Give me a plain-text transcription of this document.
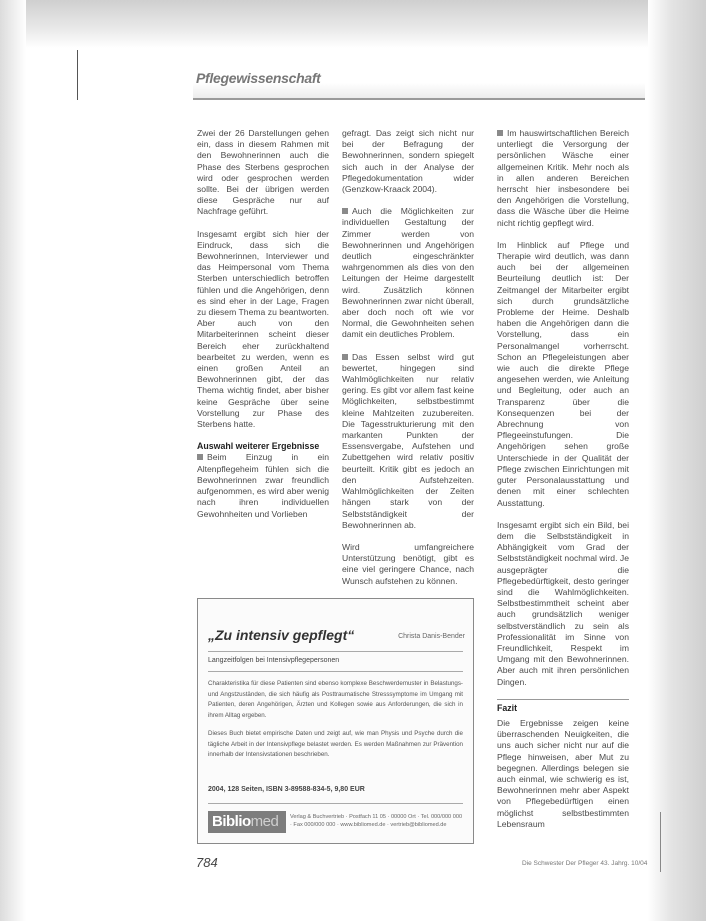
Pflegewissenschaft

Zwei der 26 Darstellungen gehen ein, dass in diesem Rahmen mit den Bewohnerinnen auch die Phase des Sterbens gesprochen wird oder gesprochen werden sollte. Bei der übrigen werden diese Gespräche nur auf Nachfrage geführt.

Insgesamt ergibt sich hier der Eindruck, dass sich die Bewohnerinnen, Interviewer und das Heimpersonal vom Thema Sterben unterschiedlich betroffen fühlen und die Angehörigen, denn es sind eher in der Lage, Fragen zu diesem Thema zu beantworten. Aber auch von den Mitarbeiterinnen scheint dieser Bereich eher zurückhaltend bearbeitet zu werden, wenn es einen großen Anteil an Bewohnerinnen gibt, der das Thema wichtig findet, aber bisher keine Gespräche über seine Vorstellung zur Phase des Sterbens hatte.

Auswahl weiterer Ergebnisse

Beim Einzug in ein Altenpflegeheim fühlen sich die Bewohnerinnen zwar freundlich aufgenommen, es wird aber wenig nach ihren individuellen Gewohnheiten und Vorlieben

gefragt. Das zeigt sich nicht nur bei der Befragung der Bewohnerinnen, sondern spiegelt sich auch in der Analyse der Pflegedokumentation wider (Genzkow-Kraack 2004).

Auch die Möglichkeiten zur individuellen Gestaltung der Zimmer werden von Bewohnerinnen und Angehörigen deutlich eingeschränkter wahrgenommen als dies von den Leitungen der Heime dargestellt wird. Zusätzlich können Bewohnerinnen zwar nicht überall, aber doch noch oft wie vor Normal, die Gewohnheiten sehen damit ein deutliches Problem.

Das Essen selbst wird gut bewertet, hingegen sind Wahlmöglichkeiten nur relativ gering. Es gibt vor allem fast keine Möglichkeiten, selbstbestimmt kleine Mahlzeiten zuzubereiten. Die Tagesstrukturierung mit den markanten Punkten der Essensvergabe, Aufstehen und Zubettgehen wird relativ positiv beurteilt. Kritik gibt es jedoch an den Aufstehzeiten. Wahlmöglichkeiten der Zeiten hängen stark von der Selbstständigkeit der Bewohnerinnen ab.

Wird umfangreichere Unterstützung benötigt, gibt es eine viel geringere Chance, nach Wunsch aufstehen zu können.

Im hauswirtschaftlichen Bereich unterliegt die Versorgung der persönlichen Wäsche einer allgemeinen Kritik. Mehr noch als in allen anderen Bereichen herrscht hier insbesondere bei den Angehörigen die Vorstellung, dass die Wäsche über die Heime nicht richtig gepflegt wird.

Im Hinblick auf Pflege und Therapie wird deutlich, was dann auch bei der allgemeinen Beurteilung deutlich ist: Der Zeitmangel der Mitarbeiter ergibt sich durch grundsätzliche Probleme der Heime. Deshalb haben die Angehörigen dann die Vorstellung, dass ein Personalmangel vorherrscht. Schon an Pflegeleistungen aber wie auch die direkte Pflege angesehen werden, wie Anleitung und Begleitung, oder auch an Transparenz über die Konsequenzen bei der Abrechnung von Pflegeeinstufungen. Die Angehörigen sehen große Unterschiede in der Qualität der Pflege zwischen Einrichtungen mit guter Personalausstattung und denen mit einer schlechten Ausstattung.

Insgesamt ergibt sich ein Bild, bei dem die Selbstständigkeit in Abhängigkeit vom Grad der Selbstständigkeit nochmal wird. Je ausgeprägter die Pflegebedürftigkeit, desto geringer sind die Wahlmöglichkeiten. Selbstbestimmtheit scheint aber auch grundsätzlich weniger selbstverständlich zu sein als Professionalität im Sinne von Freundlichkeit, Respekt im Umgang mit den Bewohnerinnen. Aber auch mit ihren persönlichen Dingen.

Fazit

Die Ergebnisse zeigen keine überraschenden Neuigkeiten, die uns auch sicher nicht nur auf die Pflege hinweisen, aber Mut zu begegnen. Allerdings belegen sie auch einmal, wie schwierig es ist, Bewohnerinnen mehr aber Aspekt von Pflegebedürftigen einen möglichst selbstbestimmten Lebensraum

„Zu intensiv gepflegt“	Christa Danis-Bender
Langzeitfolgen bei Intensivpflegepersonen
Charakteristika für diese Patienten sind ebenso komplexe Beschwerdemuster in Belastungs- und Angstzuständen, die sich häufig als Posttraumatische Stresssymptome im Umgang mit Patienten, deren Angehörigen, Ärzten und Kollegen sowie aus Anforderungen, die sich in ihrem Alltag ergeben.
Dieses Buch bietet empirische Daten und zeigt auf, wie man Physis und Psyche durch die tägliche Arbeit in der Intensivpflege belastet werden. Es werden Maßnahmen zur Prävention innerhalb der Intensivstationen beschrieben.
2004, 128 Seiten, ISBN 3-89588-834-5, 9,80 EUR
Bibliomed	Verlag & Buchvertrieb · Postfach 11 05 · 00000 Ort · Tel. 000/000 000 · Fax 000/000 000 · www.bibliomed.de · vertrieb@bibliomed.de
784	Die Schwester Der Pfleger 43. Jahrg. 10/04
